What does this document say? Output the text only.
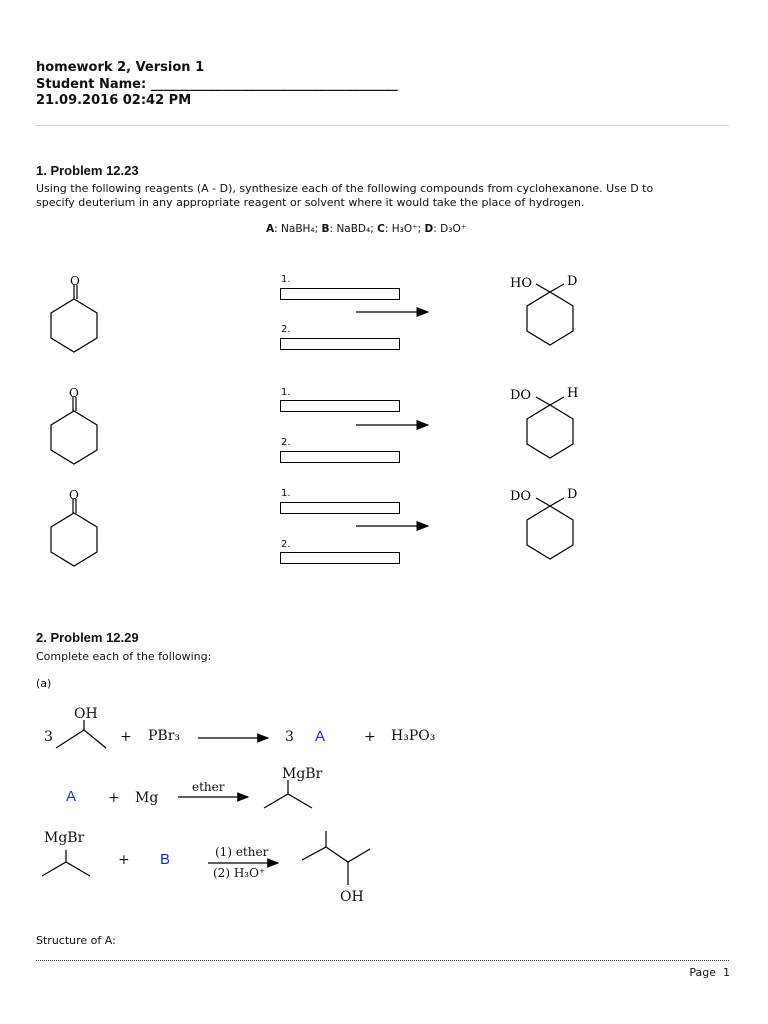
homework 2, Version 1
Student Name: ______________________________________
21.09.2016 02:42 PM
1. Problem 12.23
Using the following reagents (A - D), synthesize each of the following compounds from cyclohexanone. Use D to
specify deuterium in any appropriate reagent or solvent where it would take the place of hydrogen.
A: NaBH₄; B: NaBD₄; C: H₃O⁺; D: D₃O⁺
O
O
O
HO	D
DO	H
DO	D
1.
2.
1.
2.
1.
2.
2. Problem 12.29
Complete each of the following:
(a)
3
OH
+ PBr₃	3 A	+ H₃PO₃
A + Mg
ether
MgBr
MgBr
+ B	(1) ether
(2) H₃O⁺
OH
Structure of A:
Page 1
